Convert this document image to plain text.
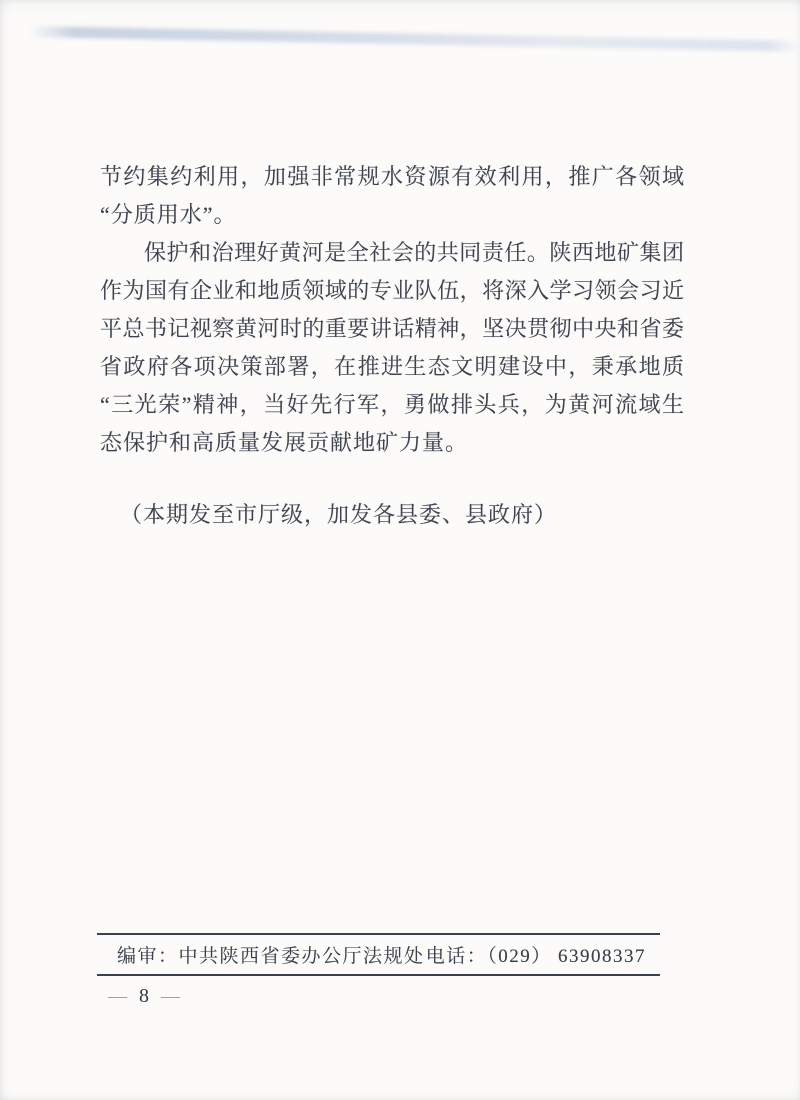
节约集约利用，加强非常规水资源有效利用，推广各领域
“分质用水”。
保护和治理好黄河是全社会的共同责任。陕西地矿集团
作为国有企业和地质领域的专业队伍，将深入学习领会习近
平总书记视察黄河时的重要讲话精神，坚决贯彻中央和省委
省政府各项决策部署，在推进生态文明建设中，秉承地质
“三光荣”精神，当好先行军，勇做排头兵，为黄河流域生
态保护和高质量发展贡献地矿力量。
（本期发至市厅级，加发各县委、县政府）
编审：中共陕西省委办公厅法规处 电话：（029） 63908337
— 8 —
